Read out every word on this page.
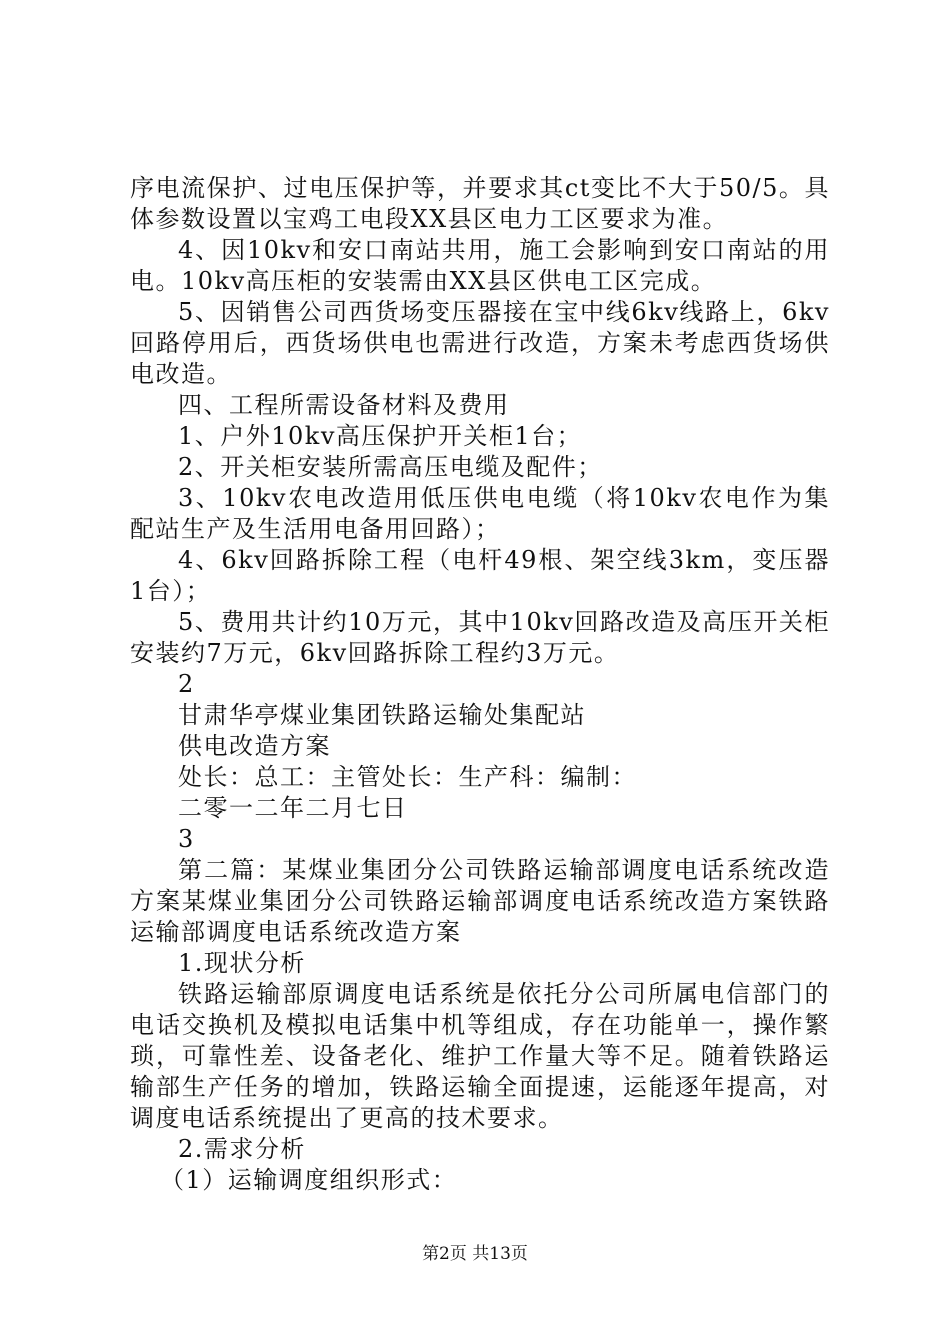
序电流保护、过电压保护等，并要求其ct变比不大于50/5。具体参数设置以宝鸡工电段XX县区电力工区要求为准。

4、因10kv和安口南站共用，施工会影响到安口南站的用电。10kv高压柜的安装需由XX县区供电工区完成。

5、因销售公司西货场变压器接在宝中线6kv线路上，6kv回路停用后，西货场供电也需进行改造，方案未考虑西货场供电改造。

四、工程所需设备材料及费用

1、户外10kv高压保护开关柜1台；

2、开关柜安装所需高压电缆及配件；

3、10kv农电改造用低压供电电缆（将10kv农电作为集配站生产及生活用电备用回路）；

4、6kv回路拆除工程（电杆49根、架空线3km，变压器1台）；

5、费用共计约10万元，其中10kv回路改造及高压开关柜安装约7万元，6kv回路拆除工程约3万元。

2

甘肃华亭煤业集团铁路运输处集配站

供电改造方案

处长：总工：主管处长：生产科：编制：

二零一二年二月七日

3

第二篇：某煤业集团分公司铁路运输部调度电话系统改造方案某煤业集团分公司铁路运输部调度电话系统改造方案铁路运输部调度电话系统改造方案

1.现状分析

铁路运输部原调度电话系统是依托分公司所属电信部门的电话交换机及模拟电话集中机等组成，存在功能单一，操作繁琐，可靠性差、设备老化、维护工作量大等不足。随着铁路运输部生产任务的增加，铁路运输全面提速，运能逐年提高，对调度电话系统提出了更高的技术要求。

2.需求分析

（1）运输调度组织形式：

第2页 共13页
